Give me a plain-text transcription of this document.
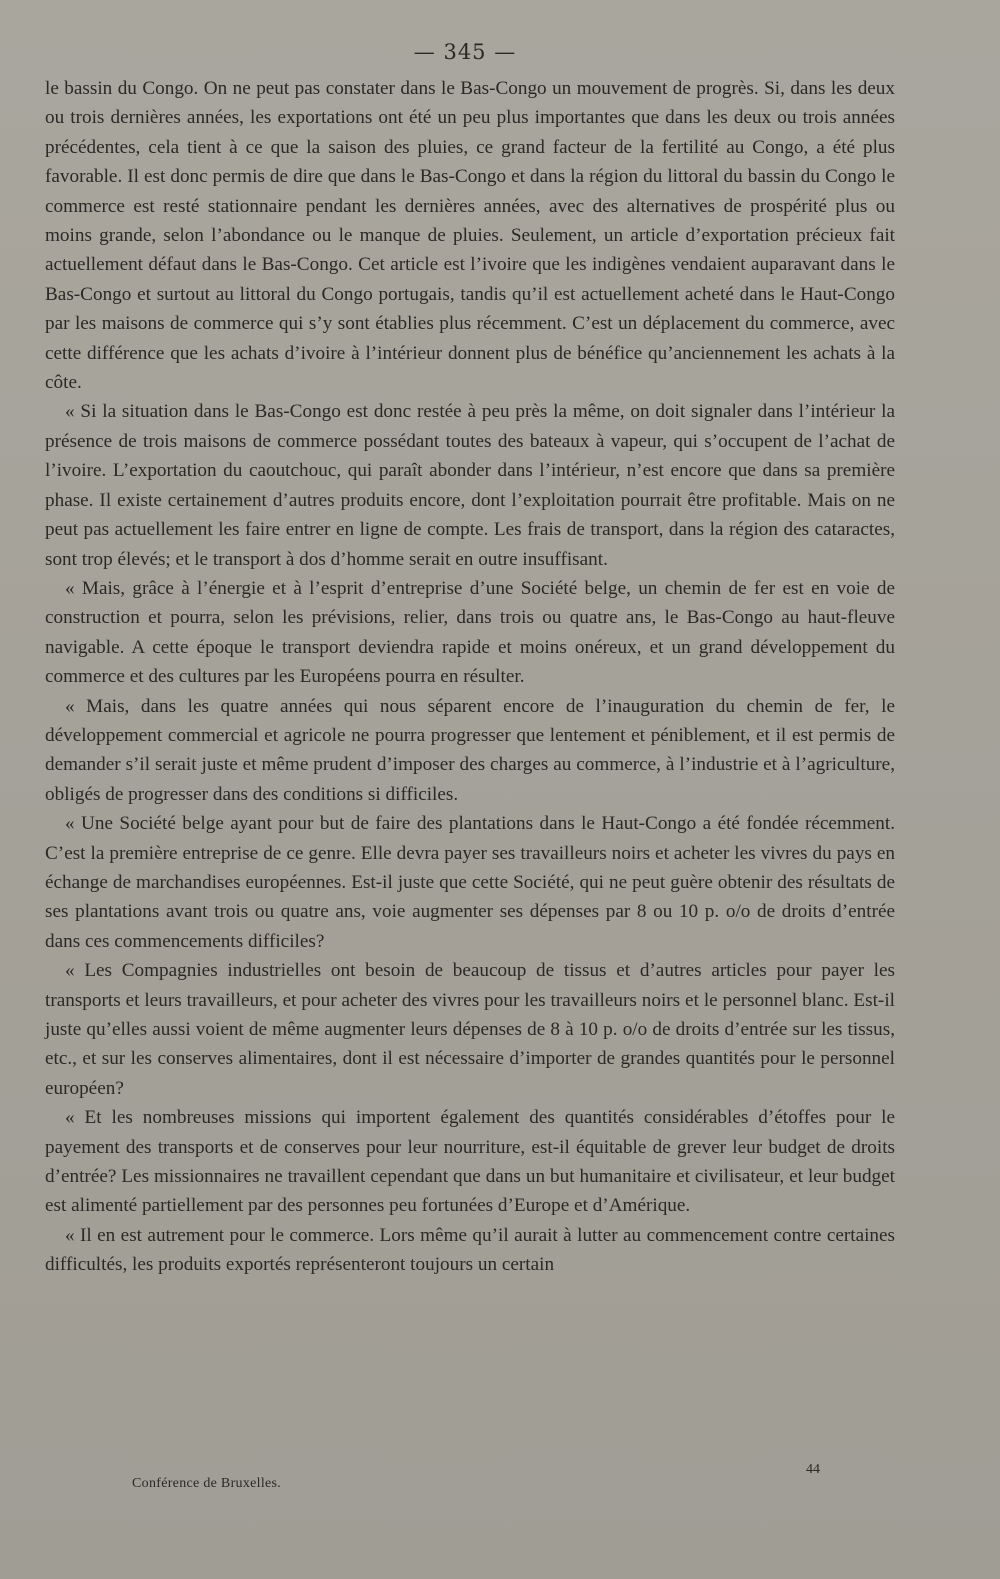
— 345 —

le bassin du Congo. On ne peut pas constater dans le Bas-Congo un mouvement de progrès. Si, dans les deux ou trois dernières années, les exportations ont été un peu plus importantes que dans les deux ou trois années précédentes, cela tient à ce que la saison des pluies, ce grand facteur de la fertilité au Congo, a été plus favorable. Il est donc permis de dire que dans le Bas-Congo et dans la région du littoral du bassin du Congo le commerce est resté stationnaire pendant les dernières années, avec des alternatives de prospérité plus ou moins grande, selon l’abondance ou le manque de pluies. Seulement, un article d’exportation précieux fait actuellement défaut dans le Bas-Congo. Cet article est l’ivoire que les indigènes vendaient auparavant dans le Bas-Congo et surtout au littoral du Congo portugais, tandis qu’il est actuellement acheté dans le Haut-Congo par les maisons de commerce qui s’y sont établies plus récemment. C’est un déplacement du commerce, avec cette différence que les achats d’ivoire à l’intérieur donnent plus de bénéfice qu’anciennement les achats à la côte.

« Si la situation dans le Bas-Congo est donc restée à peu près la même, on doit signaler dans l’intérieur la présence de trois maisons de commerce possédant toutes des bateaux à vapeur, qui s’occupent de l’achat de l’ivoire. L’exportation du caoutchouc, qui paraît abonder dans l’intérieur, n’est encore que dans sa première phase. Il existe certainement d’autres produits encore, dont l’exploitation pourrait être profitable. Mais on ne peut pas actuellement les faire entrer en ligne de compte. Les frais de transport, dans la région des cataractes, sont trop élevés; et le transport à dos d’homme serait en outre insuffisant.

« Mais, grâce à l’énergie et à l’esprit d’entreprise d’une Société belge, un chemin de fer est en voie de construction et pourra, selon les prévisions, relier, dans trois ou quatre ans, le Bas-Congo au haut-fleuve navigable. A cette époque le transport deviendra rapide et moins onéreux, et un grand développement du commerce et des cultures par les Européens pourra en résulter.

« Mais, dans les quatre années qui nous séparent encore de l’inauguration du chemin de fer, le développement commercial et agricole ne pourra progresser que lentement et péniblement, et il est permis de demander s’il serait juste et même prudent d’imposer des charges au commerce, à l’industrie et à l’agriculture, obligés de progresser dans des conditions si difficiles.

« Une Société belge ayant pour but de faire des plantations dans le Haut-Congo a été fondée récemment. C’est la première entreprise de ce genre. Elle devra payer ses travailleurs noirs et acheter les vivres du pays en échange de marchandises européennes. Est-il juste que cette Société, qui ne peut guère obtenir des résultats de ses plantations avant trois ou quatre ans, voie augmenter ses dépenses par 8 ou 10 p. o/o de droits d’entrée dans ces commencements difficiles?

« Les Compagnies industrielles ont besoin de beaucoup de tissus et d’autres articles pour payer les transports et leurs travailleurs, et pour acheter des vivres pour les travailleurs noirs et le personnel blanc. Est-il juste qu’elles aussi voient de même augmenter leurs dépenses de 8 à 10 p. o/o de droits d’entrée sur les tissus, etc., et sur les conserves alimentaires, dont il est nécessaire d’importer de grandes quantités pour le personnel européen?

« Et les nombreuses missions qui importent également des quantités considérables d’étoffes pour le payement des transports et de conserves pour leur nourriture, est-il équitable de grever leur budget de droits d’entrée? Les missionnaires ne travaillent cependant que dans un but humanitaire et civilisateur, et leur budget est alimenté partiellement par des personnes peu fortunées d’Europe et d’Amérique.

« Il en est autrement pour le commerce. Lors même qu’il aurait à lutter au commencement contre certaines difficultés, les produits exportés représenteront toujours un certain

44
Conférence de Bruxelles.
